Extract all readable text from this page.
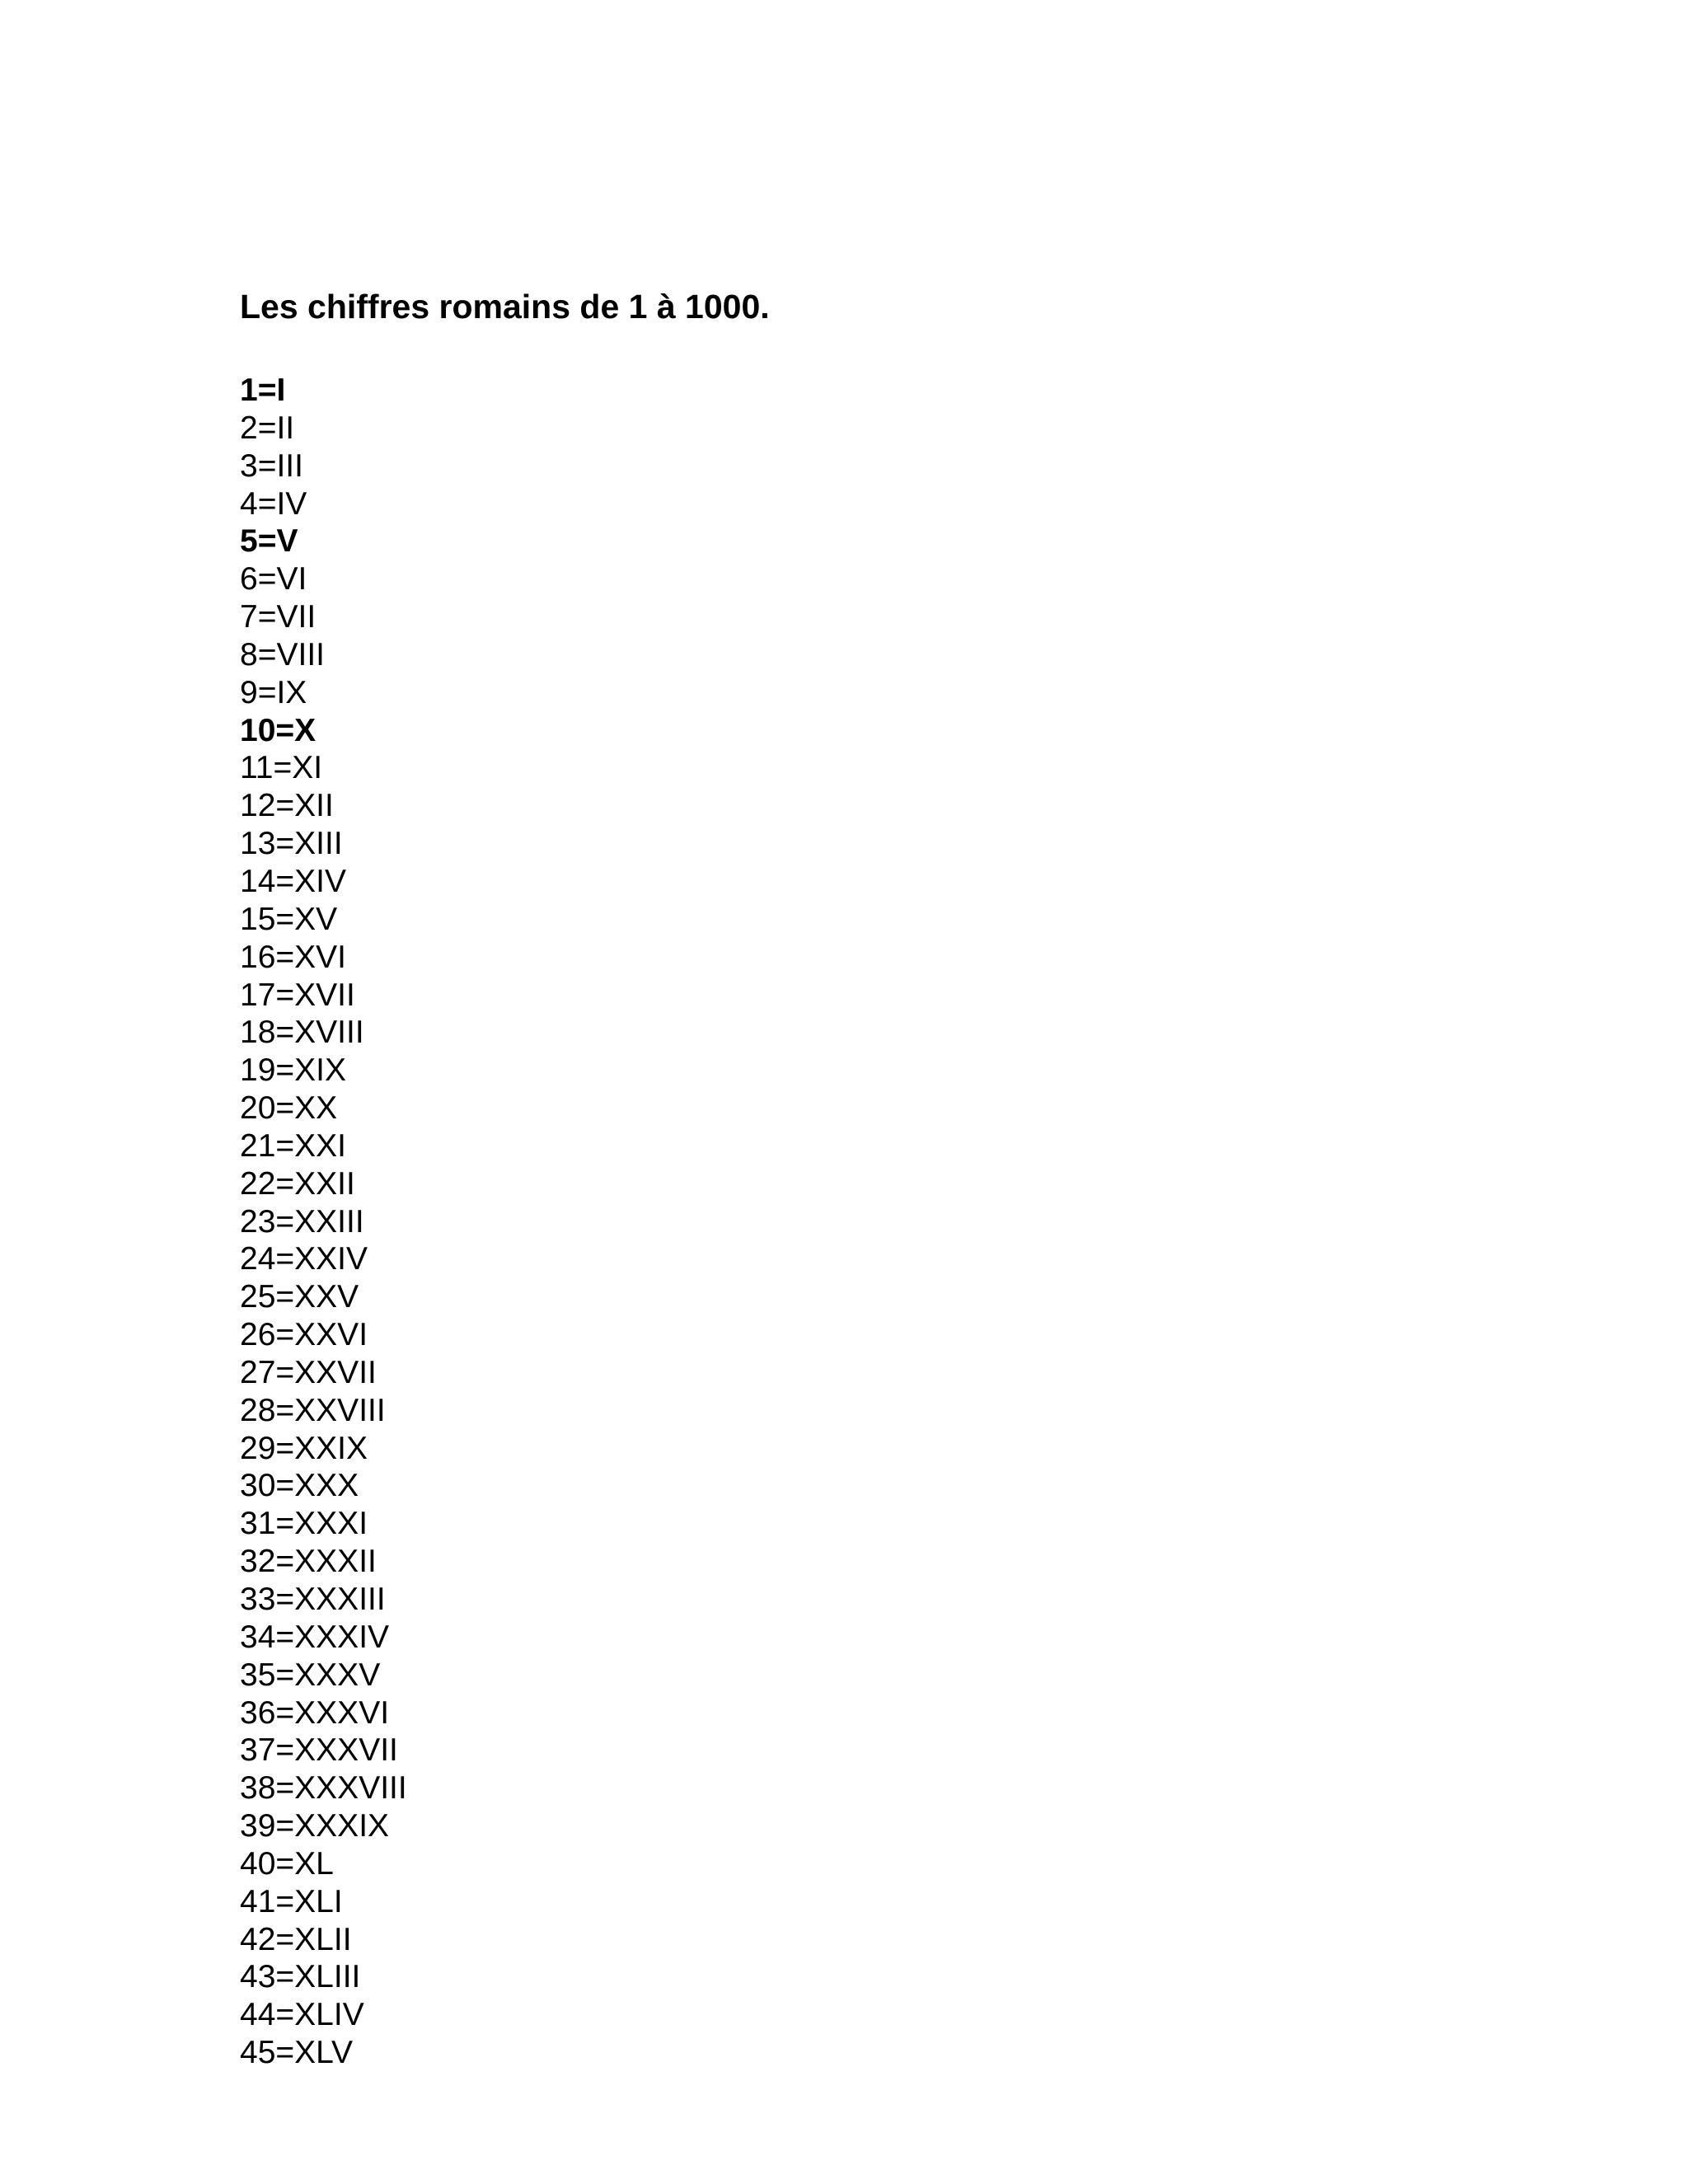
Les chiffres romains de 1 à 1000.
1=I
2=II
3=III
4=IV
5=V
6=VI
7=VII
8=VIII
9=IX
10=X
11=XI
12=XII
13=XIII
14=XIV
15=XV
16=XVI
17=XVII
18=XVIII
19=XIX
20=XX
21=XXI
22=XXII
23=XXIII
24=XXIV
25=XXV
26=XXVI
27=XXVII
28=XXVIII
29=XXIX
30=XXX
31=XXXI
32=XXXII
33=XXXIII
34=XXXIV
35=XXXV
36=XXXVI
37=XXXVII
38=XXXVIII
39=XXXIX
40=XL
41=XLI
42=XLII
43=XLIII
44=XLIV
45=XLV
